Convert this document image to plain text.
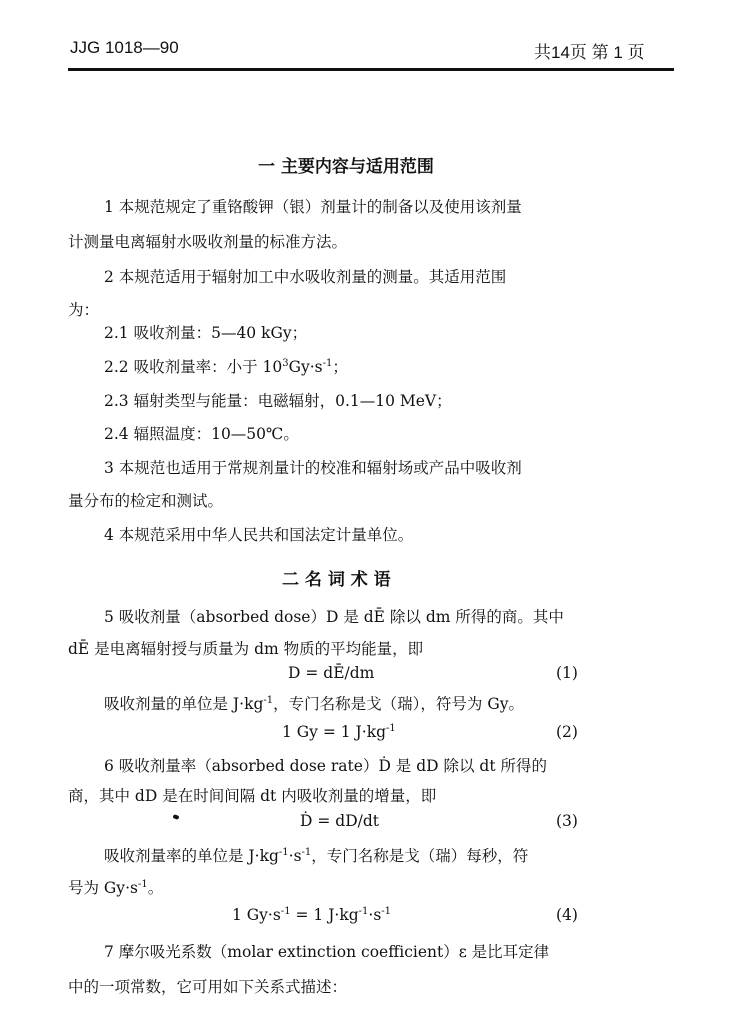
JJG 1018—90	共14页 第 1 页
一 主要内容与适用范围
1 本规范规定了重铬酸钾（银）剂量计的制备以及使用该剂量
计测量电离辐射水吸收剂量的标准方法。
2 本规范适用于辐射加工中水吸收剂量的测量。其适用范围
为：
2.1 吸收剂量：5—40 kGy；
2.2 吸收剂量率：小于 $10^3Gy\cdot s^{-1}$；
2.3 辐射类型与能量：电磁辐射，0.1—10 MeV；
2.4 辐照温度：10—50℃。
3 本规范也适用于常规剂量计的校准和辐射场或产品中吸收剂
量分布的检定和测试。
4 本规范采用中华人民共和国法定计量单位。
二 名 词 术 语
5 吸收剂量（absorbed dose）D 是 dĒ 除以 dm 所得的商。其中
dĒ 是电离辐射授与质量为 dm 物质的平均能量，即
D = dĒ/dm	(1)
吸收剂量的单位是 $J\cdot kg^{-1}$，专门名称是戈（瑞），符号为 Gy。
1 Gy = 1 $J\cdot kg^{-1}$	(2)
6 吸收剂量率（absorbed dose rate）Ḋ 是 dD 除以 dt 所得的
商，其中 dD 是在时间间隔 dt 内吸收剂量的增量，即
Ḋ = dD/dt	(3)
吸收剂量率的单位是 $J\cdot kg^{-1}\cdot s^{-1}$，专门名称是戈（瑞）每秒，符
号为 $Gy\cdot s^{-1}$。
1 $Gy\cdot s^{-1} = 1$ $J\cdot kg^{-1}\cdot s^{-1}$	(4)
7 摩尔吸光系数（molar extinction coefficient）ε 是比耳定律
中的一项常数，它可用如下关系式描述：
